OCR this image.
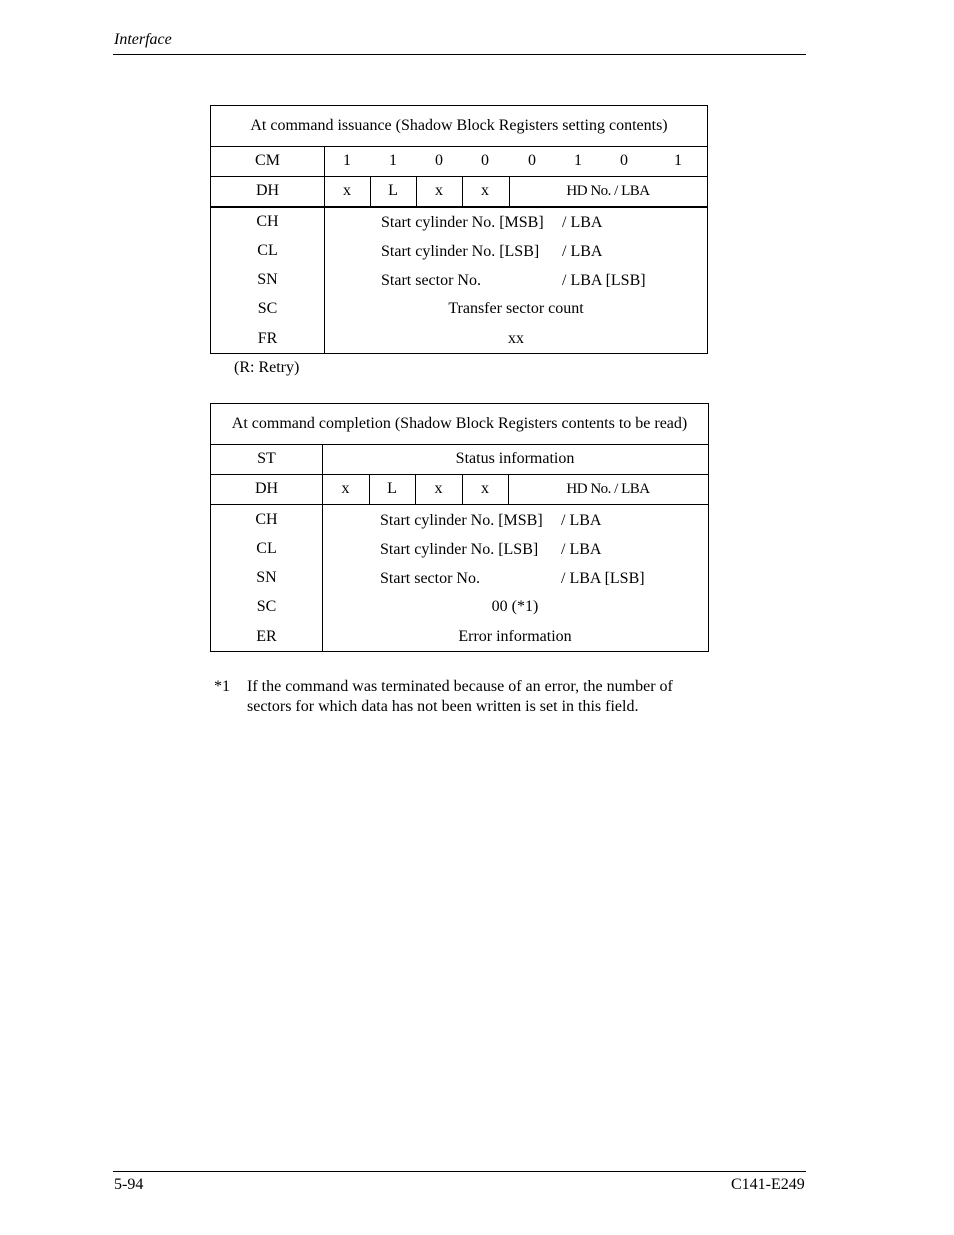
Interface
At command issuance (Shadow Block Registers setting contents)
CM	1	1	0	0	0	1	0	1
DH	x	L	x	x	HD No. / LBA
CH	Start cylinder No. [MSB] / LBA
CL	Start cylinder No. [LSB] / LBA
SN	Start sector No.	/ LBA [LSB]
SC	Transfer sector count
FR	xx
(R: Retry)
At command completion (Shadow Block Registers contents to be read)
ST	Status information
DH	x	L	x	x	HD No. / LBA
CH	Start cylinder No. [MSB] / LBA
CL	Start cylinder No. [LSB] / LBA
SN	Start sector No.	/ LBA [LSB]
SC	00 (*1)
ER	Error information
*1 If the command was terminated because of an error, the number of
sectors for which data has not been written is set in this field.
5-94	C141-E249
